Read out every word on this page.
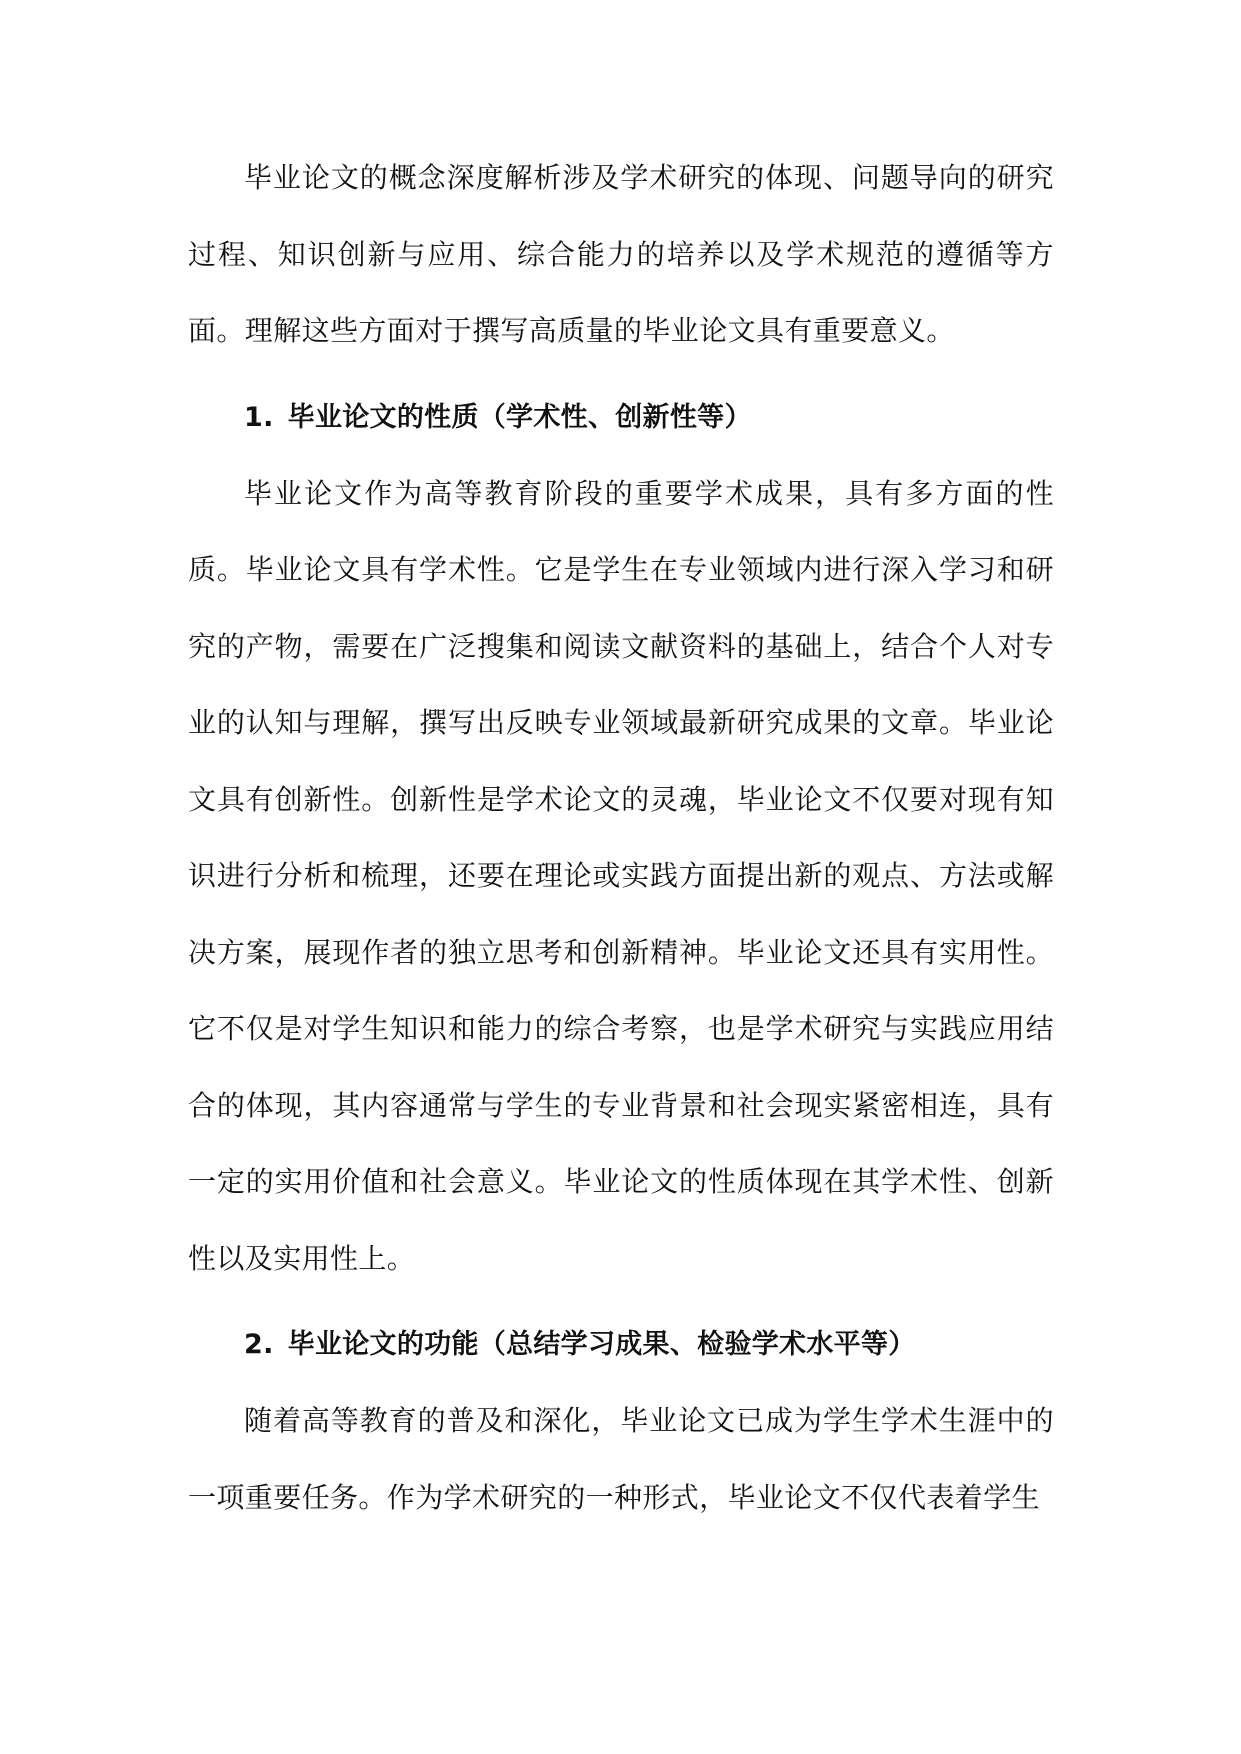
毕业论文的概念深度解析涉及学术研究的体现、问题导向的研究过程、知识创新与应用、综合能力的培养以及学术规范的遵循等方面。理解这些方面对于撰写高质量的毕业论文具有重要意义。

1. 毕业论文的性质（学术性、创新性等）

毕业论文作为高等教育阶段的重要学术成果，具有多方面的性质。毕业论文具有学术性。它是学生在专业领域内进行深入学习和研究的产物，需要在广泛搜集和阅读文献资料的基础上，结合个人对专业的认知与理解，撰写出反映专业领域最新研究成果的文章。毕业论文具有创新性。创新性是学术论文的灵魂，毕业论文不仅要对现有知识进行分析和梳理，还要在理论或实践方面提出新的观点、方法或解决方案，展现作者的独立思考和创新精神。毕业论文还具有实用性。它不仅是对学生知识和能力的综合考察，也是学术研究与实践应用结合的体现，其内容通常与学生的专业背景和社会现实紧密相连，具有一定的实用价值和社会意义。毕业论文的性质体现在其学术性、创新性以及实用性上。

2. 毕业论文的功能（总结学习成果、检验学术水平等）

随着高等教育的普及和深化，毕业论文已成为学生学术生涯中的一项重要任务。作为学术研究的一种形式，毕业论文不仅代表着学生
